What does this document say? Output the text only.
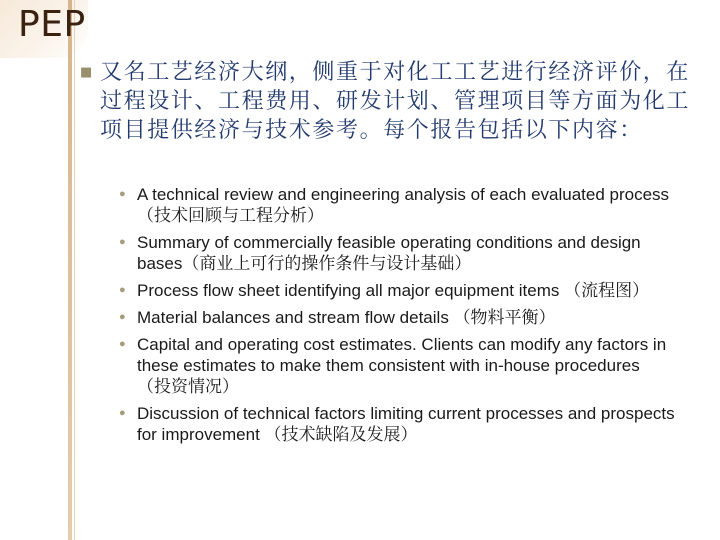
PEP
■ 又名工艺经济大纲，侧重于对化工工艺进行经济评价，在过程设计、工程费用、研发计划、管理项目等方面为化工项目提供经济与技术参考。每个报告包括以下内容：
● A technical review and engineering analysis of each evaluated process （技术回顾与工程分析）
● Summary of commercially feasible operating conditions and design bases（商业上可行的操作条件与设计基础）
● Process flow sheet identifying all major equipment items （流程图）
● Material balances and stream flow details （物料平衡）
● Capital and operating cost estimates. Clients can modify any factors in these estimates to make them consistent with in-house procedures （投资情况）
● Discussion of technical factors limiting current processes and prospects for improvement （技术缺陷及发展）
